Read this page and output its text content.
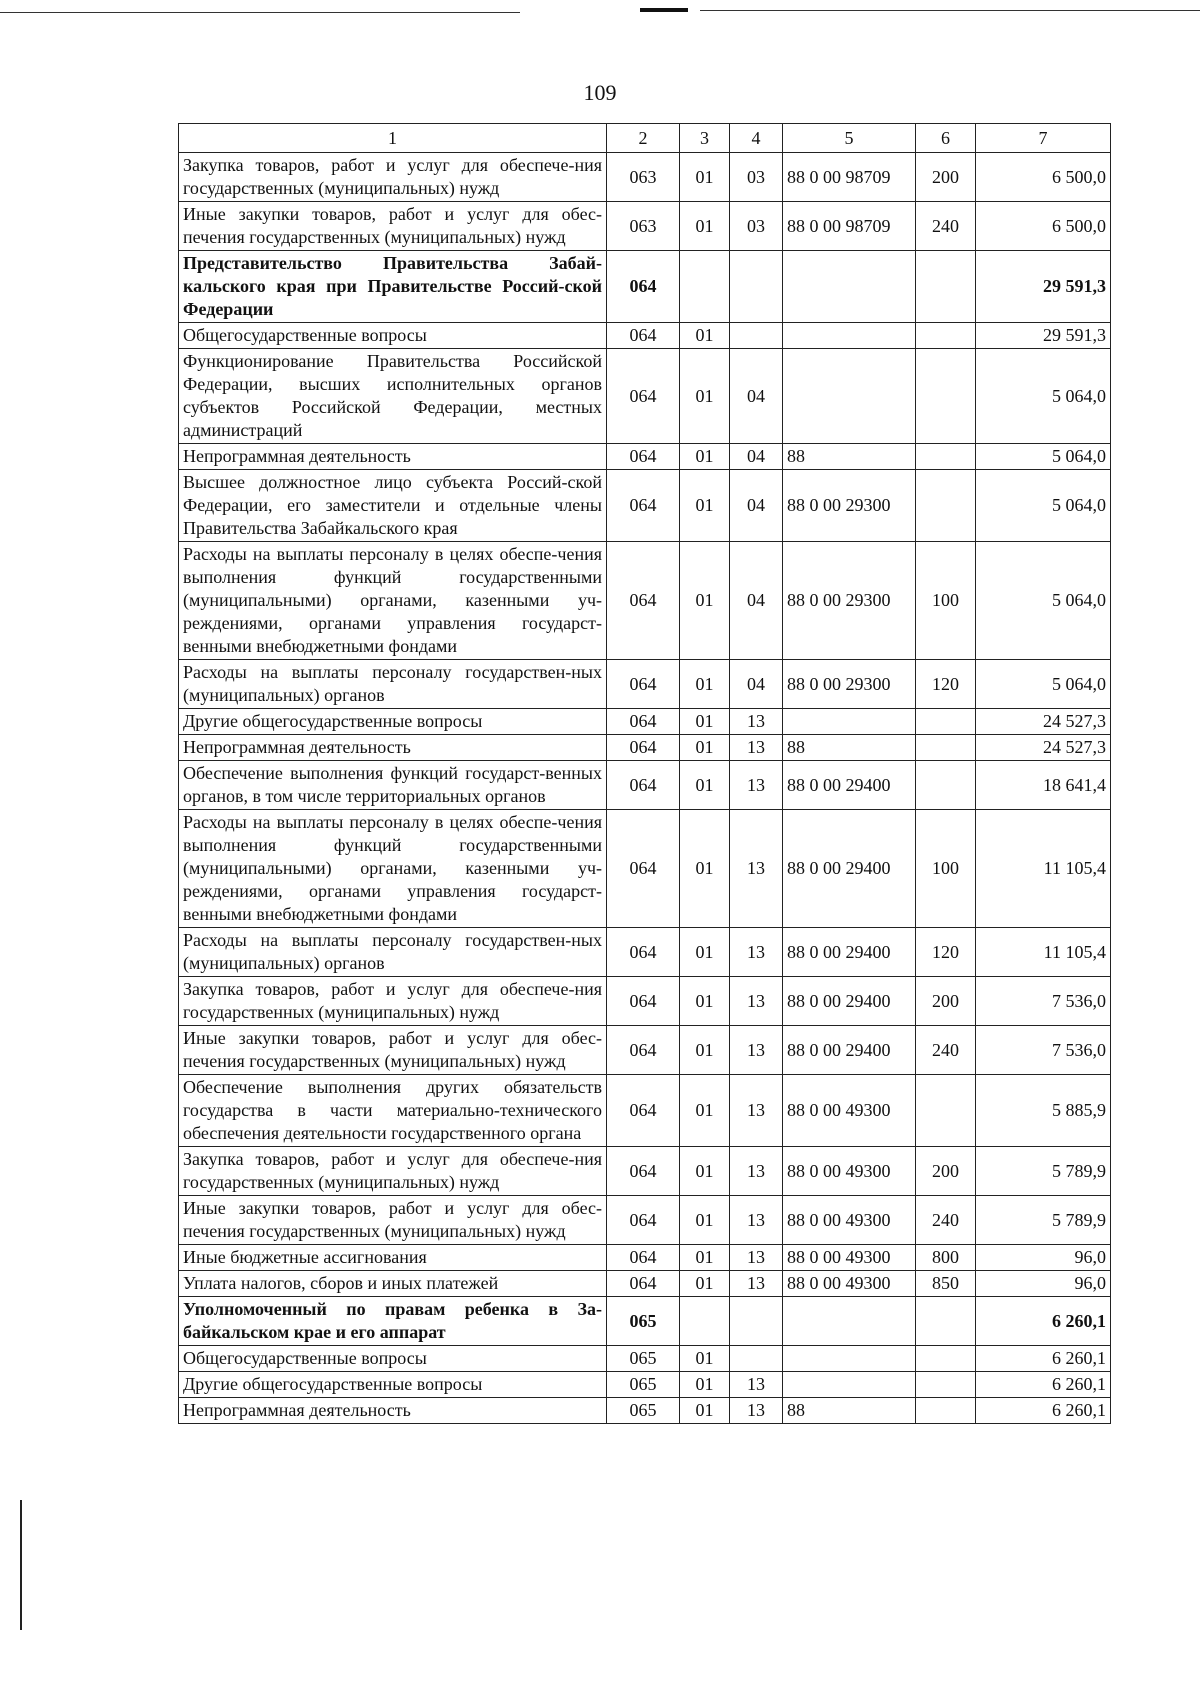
109
1	2	3	4	5	6	7
Закупка товаров, работ и услуг для обеспече-ния государственных (муниципальных) нужд	063	01	03	88 0 00 98709	200	6 500,0
Иные закупки товаров, работ и услуг для обес-печения государственных (муниципальных) нужд	063	01	03	88 0 00 98709	240	6 500,0
Представительство Правительства Забай-кальского края при Правительстве Россий-ской Федерации	064					29 591,3
Общегосударственные вопросы	064	01				29 591,3
Функционирование Правительства Российской Федерации, высших исполнительных органов субъектов Российской Федерации, местных администраций	064	01	04			5 064,0
Непрограммная деятельность	064	01	04	88		5 064,0
Высшее должностное лицо субъекта Россий-ской Федерации, его заместители и отдельные члены Правительства Забайкальского края	064	01	04	88 0 00 29300		5 064,0
Расходы на выплаты персоналу в целях обеспе-чения выполнения функций государственными (муниципальными) органами, казенными уч-реждениями, органами управления государст-венными внебюджетными фондами	064	01	04	88 0 00 29300	100	5 064,0
Расходы на выплаты персоналу государствен-ных (муниципальных) органов	064	01	04	88 0 00 29300	120	5 064,0
Другие общегосударственные вопросы	064	01	13			24 527,3
Непрограммная деятельность	064	01	13	88		24 527,3
Обеспечение выполнения функций государст-венных органов, в том числе территориальных органов	064	01	13	88 0 00 29400		18 641,4
Расходы на выплаты персоналу в целях обеспе-чения выполнения функций государственными (муниципальными) органами, казенными уч-реждениями, органами управления государст-венными внебюджетными фондами	064	01	13	88 0 00 29400	100	11 105,4
Расходы на выплаты персоналу государствен-ных (муниципальных) органов	064	01	13	88 0 00 29400	120	11 105,4
Закупка товаров, работ и услуг для обеспече-ния государственных (муниципальных) нужд	064	01	13	88 0 00 29400	200	7 536,0
Иные закупки товаров, работ и услуг для обес-печения государственных (муниципальных) нужд	064	01	13	88 0 00 29400	240	7 536,0
Обеспечение выполнения других обязательств государства в части материально-технического обеспечения деятельности государственного органа	064	01	13	88 0 00 49300		5 885,9
Закупка товаров, работ и услуг для обеспече-ния государственных (муниципальных) нужд	064	01	13	88 0 00 49300	200	5 789,9
Иные закупки товаров, работ и услуг для обес-печения государственных (муниципальных) нужд	064	01	13	88 0 00 49300	240	5 789,9
Иные бюджетные ассигнования	064	01	13	88 0 00 49300	800	96,0
Уплата налогов, сборов и иных платежей	064	01	13	88 0 00 49300	850	96,0
Уполномоченный по правам ребенка в За-байкальском крае и его аппарат	065					6 260,1
Общегосударственные вопросы	065	01				6 260,1
Другие общегосударственные вопросы	065	01	13			6 260,1
Непрограммная деятельность	065	01	13	88		6 260,1
